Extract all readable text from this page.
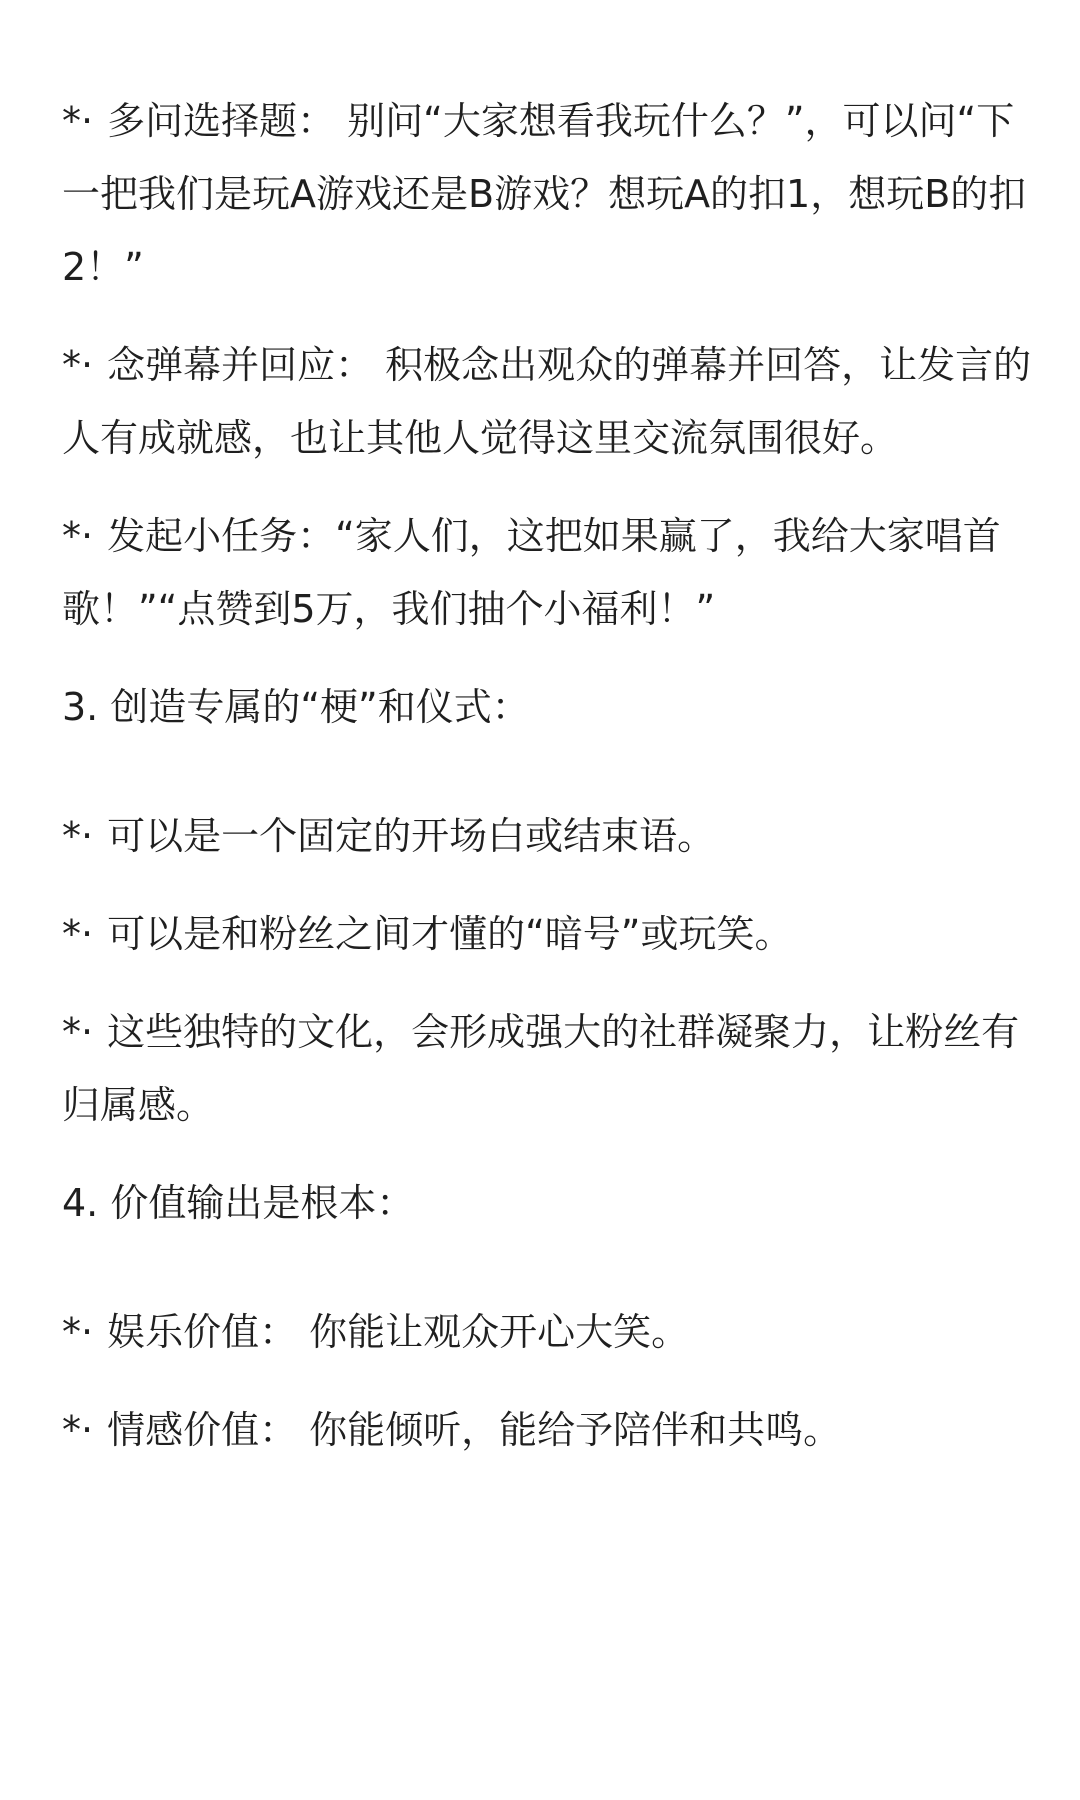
*· 多问选择题： 别问“大家想看我玩什么？”，可以问“下一把我们是玩A游戏还是B游戏？想玩A的扣1，想玩B的扣2！”

*· 念弹幕并回应： 积极念出观众的弹幕并回答，让发言的人有成就感，也让其他人觉得这里交流氛围很好。

*· 发起小任务：“家人们，这把如果赢了，我给大家唱首歌！”“点赞到5万，我们抽个小福利！”

3. 创造专属的“梗”和仪式：

*· 可以是一个固定的开场白或结束语。

*· 可以是和粉丝之间才懂的“暗号”或玩笑。

*· 这些独特的文化，会形成强大的社群凝聚力，让粉丝有归属感。

4. 价值输出是根本：

*· 娱乐价值： 你能让观众开心大笑。

*· 情感价值： 你能倾听，能给予陪伴和共鸣。
